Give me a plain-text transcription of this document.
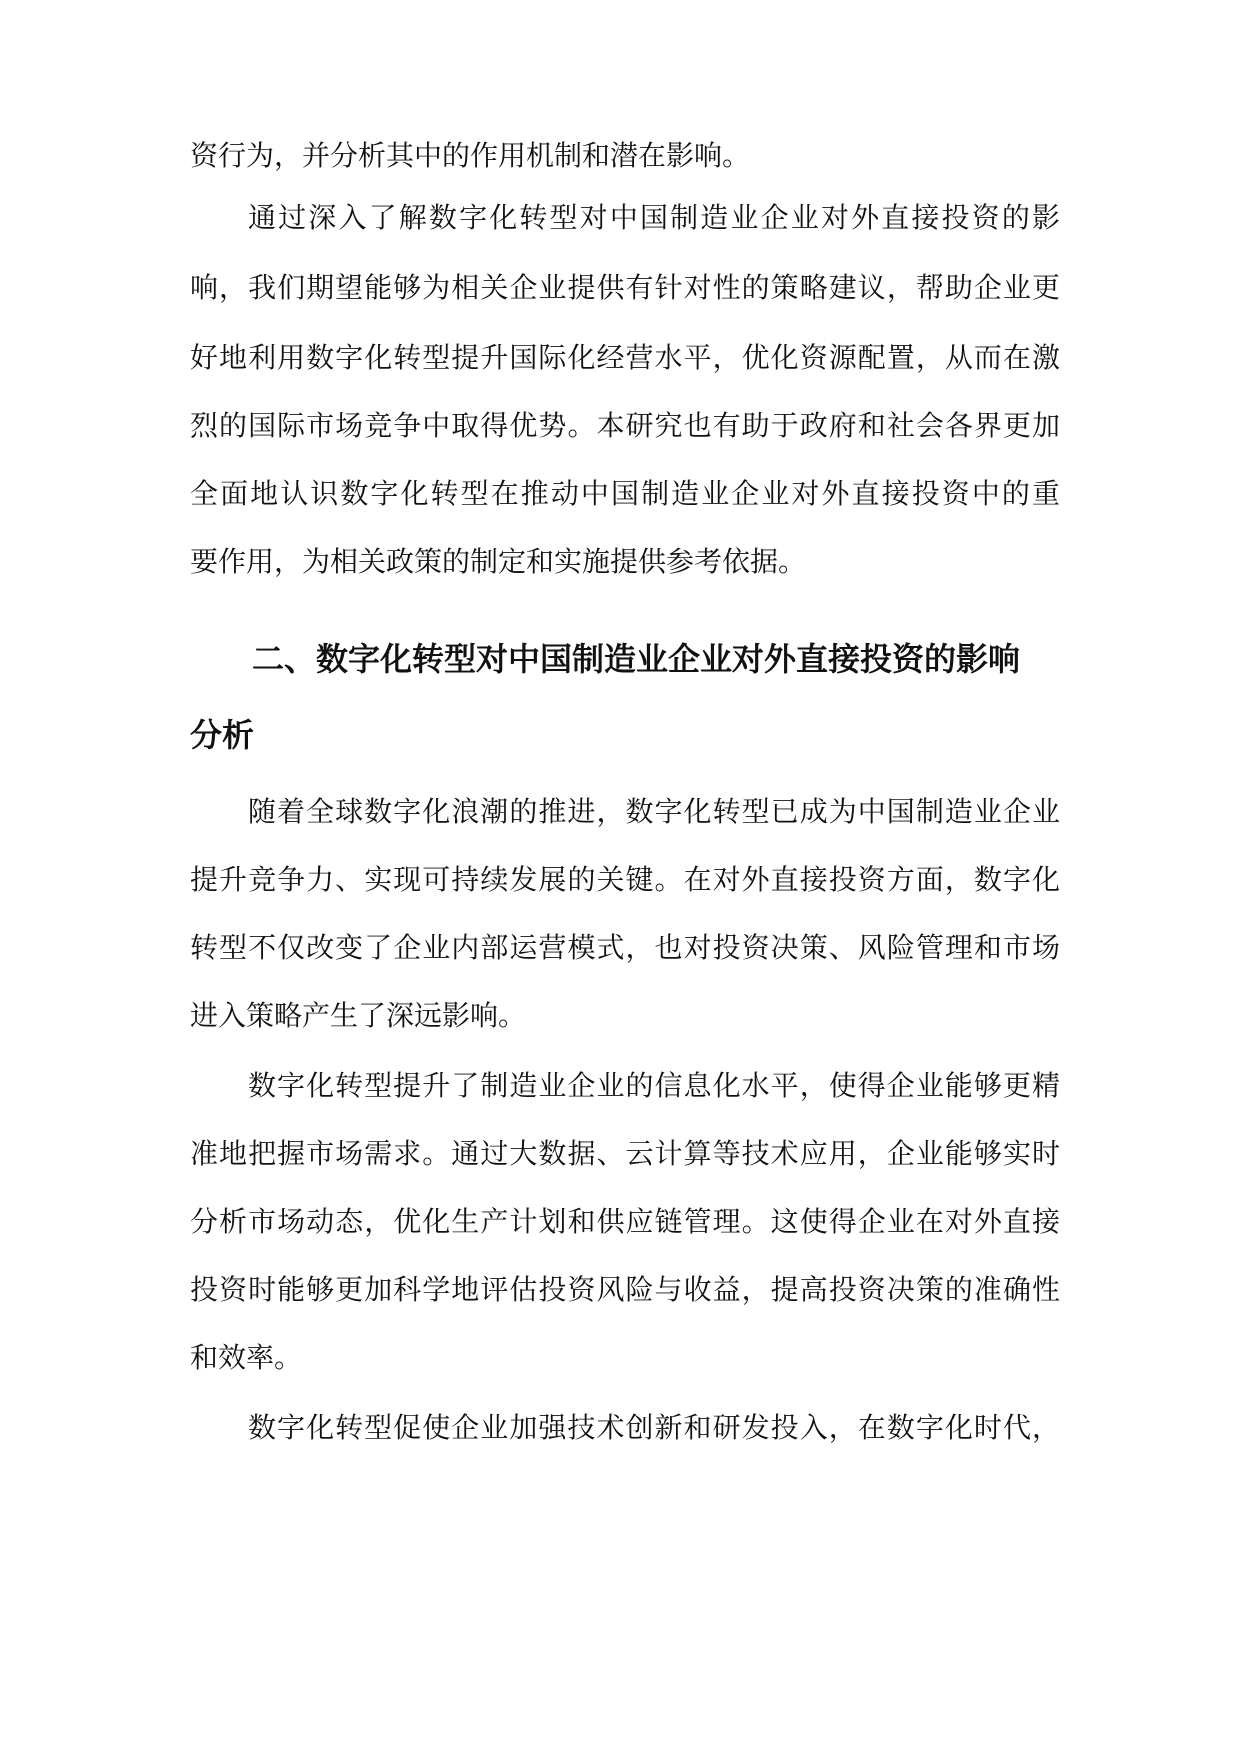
资行为，并分析其中的作用机制和潜在影响。
通过深入了解数字化转型对中国制造业企业对外直接投资的影
响，我们期望能够为相关企业提供有针对性的策略建议，帮助企业更
好地利用数字化转型提升国际化经营水平，优化资源配置，从而在激
烈的国际市场竞争中取得优势。本研究也有助于政府和社会各界更加
全面地认识数字化转型在推动中国制造业企业对外直接投资中的重
要作用，为相关政策的制定和实施提供参考依据。
二、数字化转型对中国制造业企业对外直接投资的影响
分析
随着全球数字化浪潮的推进，数字化转型已成为中国制造业企业
提升竞争力、实现可持续发展的关键。在对外直接投资方面，数字化
转型不仅改变了企业内部运营模式，也对投资决策、风险管理和市场
进入策略产生了深远影响。
数字化转型提升了制造业企业的信息化水平，使得企业能够更精
准地把握市场需求。通过大数据、云计算等技术应用，企业能够实时
分析市场动态，优化生产计划和供应链管理。这使得企业在对外直接
投资时能够更加科学地评估投资风险与收益，提高投资决策的准确性
和效率。
数字化转型促使企业加强技术创新和研发投入，在数字化时代，
